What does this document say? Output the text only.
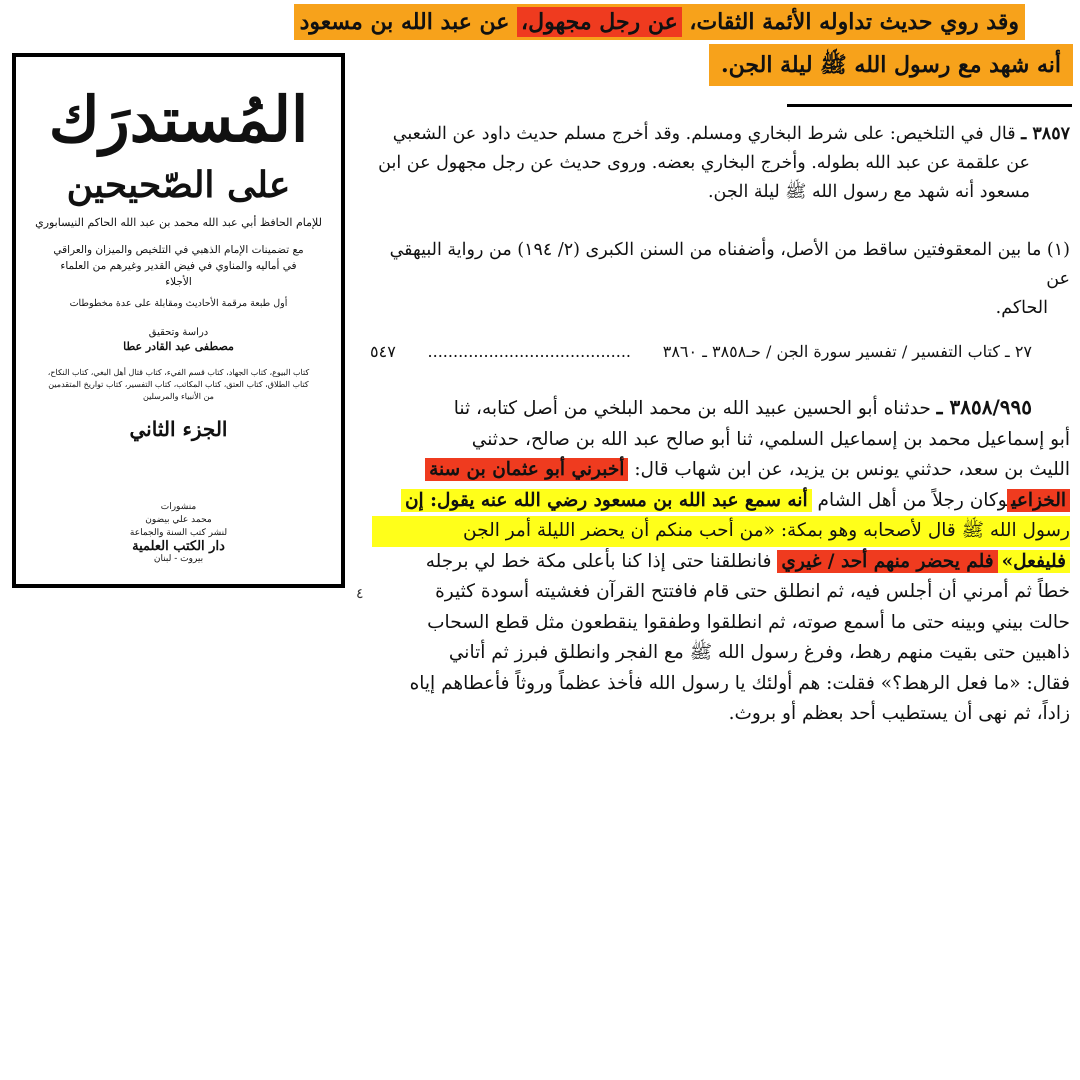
وقد روي حديث تداوله الأئمة الثقات، عن رجل مجهول، عن عبد الله بن مسعود
أنه شهد مع رسول الله ﷺ ليلة الجن.
المُستدرَك
على الصّحيحين
للإمام الحافظ أبي عبد الله محمد بن عبد الله الحاكم النيسابوري
مع تضمينات الإمام الذهبي في التلخيص والميزان والعراقي في أماليه والمناوي في فيض القدير وغيرهم من العلماء الأجلاء
أول طبعة مرقمة الأحاديث ومقابلة على عدة مخطوطات
دراسة وتحقيق
مصطفى عبد القادر عطا
كتاب البيوع، كتاب الجهاد، كتاب قسم الفيء، كتاب قتال أهل البغي، كتاب النكاح، كتاب الطلاق، كتاب العتق، كتاب المكاتب، كتاب التفسير، كتاب تواريخ المتقدمين من الأنبياء والمرسلين
الجزء الثاني
منشورات
محمد علي بيضون
لنشر كتب السنة والجماعة
دار الكتب العلمية
بيروت - لبنان
٣٨٥٧ ـ قال في التلخيص: على شرط البخاري ومسلم. وقد أخرج مسلم حديث داود عن الشعبي
عن علقمة عن عبد الله بطوله. وأخرج البخاري بعضه. وروى حديث عن رجل مجهول عن ابن
مسعود أنه شهد مع رسول الله ﷺ ليلة الجن.
(١) ما بين المعقوفتين ساقط من الأصل، وأضفناه من السنن الكبرى (٢/ ١٩٤) من رواية البيهقي عن
الحاكم.
٢٧ ـ كتاب التفسير / تفسير سورة الجن / حـ٣٨٥٨ ـ ٣٨٦٠
........................................
٥٤٧
٣٨٥٨/٩٩٥ ـ حدثناه أبو الحسين عبيد الله بن محمد البلخي من أصل كتابه، ثنا
أبو إسماعيل محمد بن إسماعيل السلمي، ثنا أبو صالح عبد الله بن صالح، حدثني
الليث بن سعد، حدثني يونس بن يزيد، عن ابن شهاب قال: أخبرني أبو عثمان بن سنة
الخزاعيوكان رجلاً من أهل الشام أنه سمع عبد الله بن مسعود رضي الله عنه يقول: إن
رسول الله ﷺ قال لأصحابه وهو بمكة: «من أحب منكم أن يحضر الليلة أمر الجن
فليفعل»فلم يحضر منهم أحد / غيري فانطلقنا حتى إذا كنا بأعلى مكة خط لي برجله
خطاً ثم أمرني أن أجلس فيه، ثم انطلق حتى قام فافتتح القرآن فغشيته أسودة كثيرة
حالت بيني وبينه حتى ما أسمع صوته، ثم انطلقوا وطفقوا ينقطعون مثل قطع السحاب
ذاهبين حتى بقيت منهم رهط، وفرغ رسول الله ﷺ مع الفجر وانطلق فبرز ثم أتاني
فقال: «ما فعل الرهط؟» فقلت: هم أولئك يا رسول الله فأخذ عظماً وروثاً فأعطاهم إياه
زاداً، ثم نهى أن يستطيب أحد بعظم أو بروث.
٤
